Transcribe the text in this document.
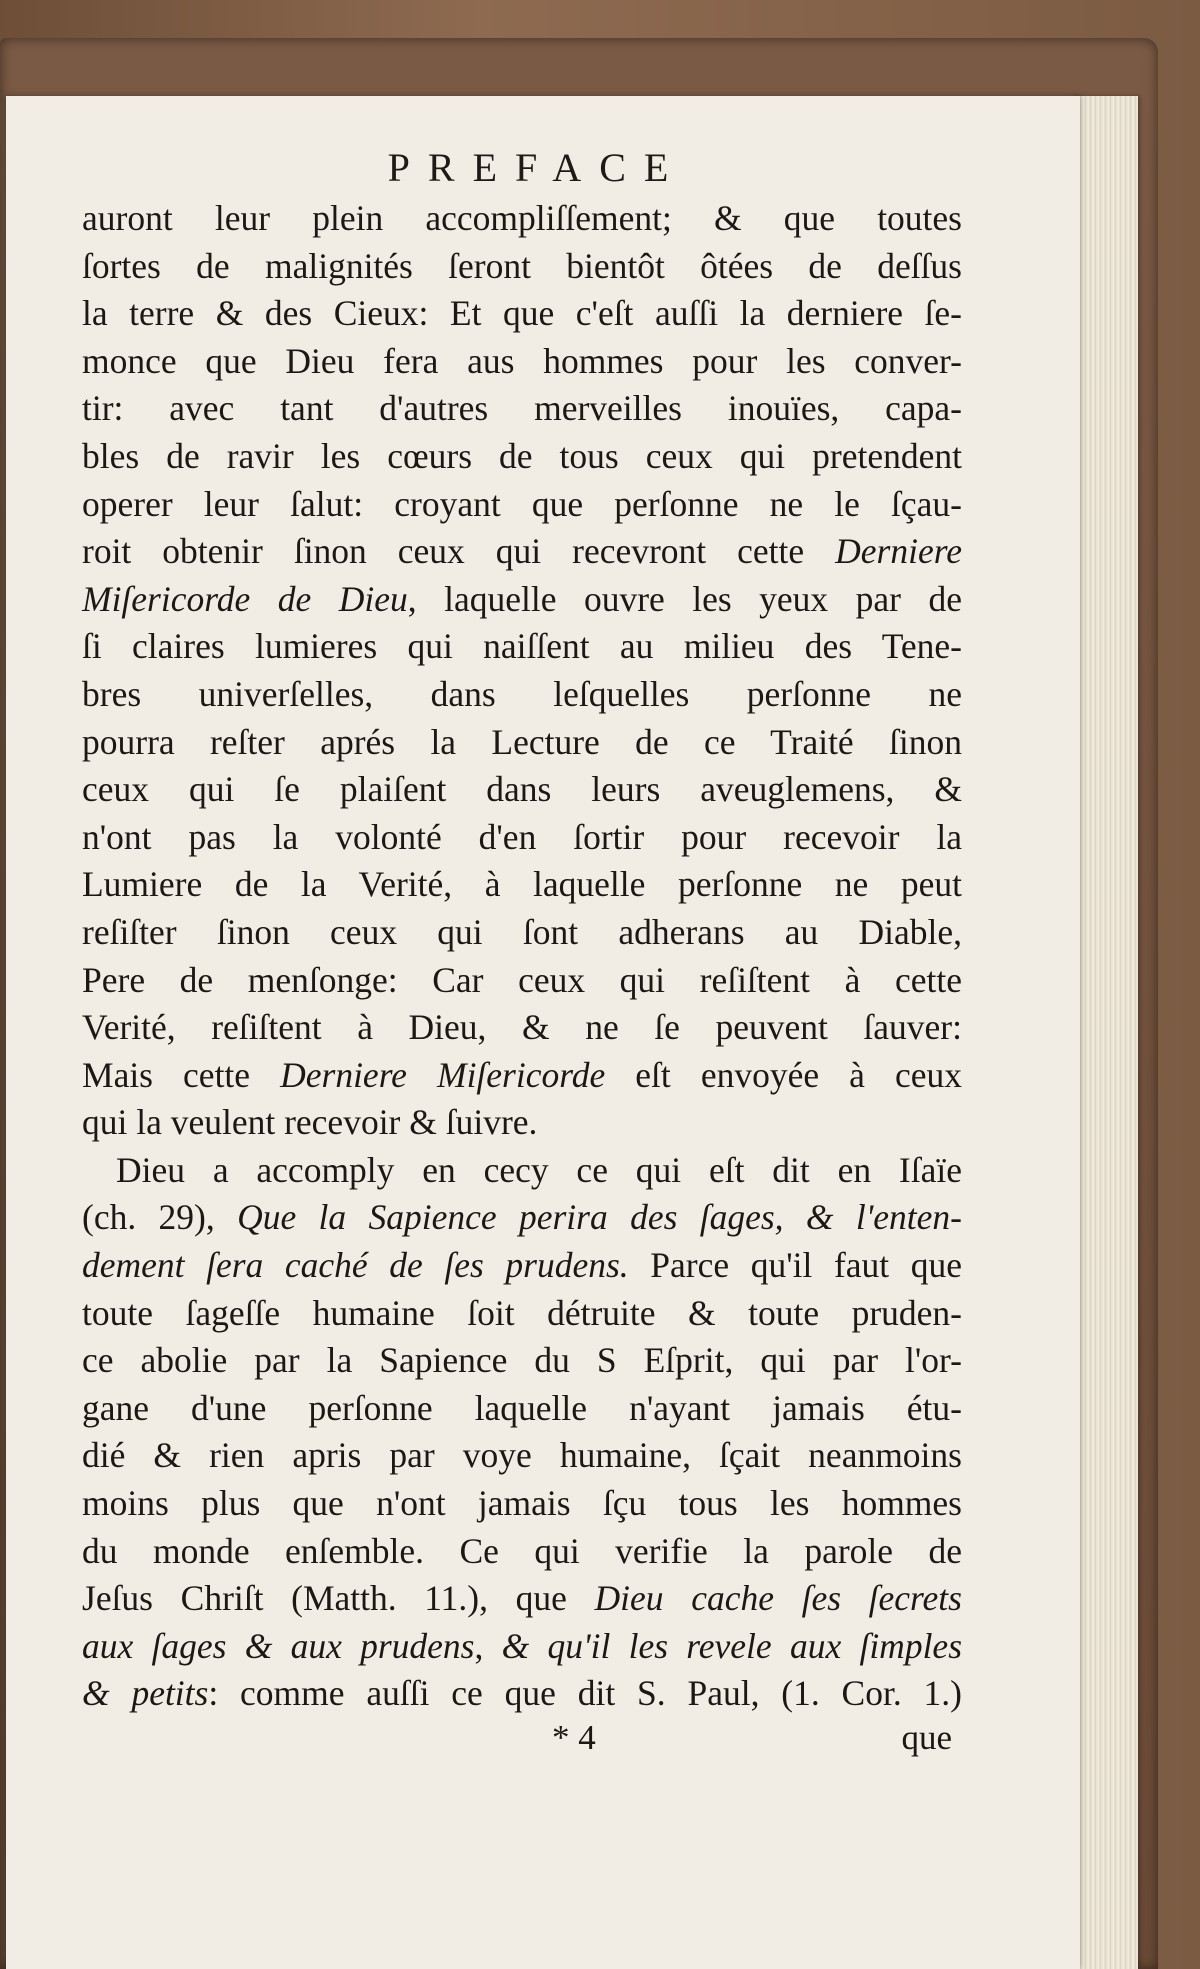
PREFACE
auront leur plein accompliſſement; & que toutes
ſortes de malignités ſeront bientôt ôtées de deſſus
la terre & des Cieux: Et que c'eſt auſſi la derniere ſe-
monce que Dieu fera aus hommes pour les conver-
tir: avec tant d'autres merveilles inouïes, capa-
bles de ravir les cœurs de tous ceux qui pretendent
operer leur ſalut: croyant que perſonne ne le ſçau-
roit obtenir ſinon ceux qui recevront cette Derniere
Miſericorde de Dieu, laquelle ouvre les yeux par de
ſi claires lumieres qui naiſſent au milieu des Tene-
bres univerſelles, dans leſquelles perſonne ne
pourra reſter aprés la Lecture de ce Traité ſinon
ceux qui ſe plaiſent dans leurs aveuglemens, &
n'ont pas la volonté d'en ſortir pour recevoir la
Lumiere de la Verité, à laquelle perſonne ne peut
reſiſter ſinon ceux qui ſont adherans au Diable,
Pere de menſonge: Car ceux qui reſiſtent à cette
Verité, reſiſtent à Dieu, & ne ſe peuvent ſauver:
Mais cette Derniere Miſericorde eſt envoyée à ceux
qui la veulent recevoir & ſuivre.
Dieu a accomply en cecy ce qui eſt dit en Iſaïe
(ch. 29), Que la Sapience perira des ſages, & l'enten-
dement ſera caché de ſes prudens. Parce qu'il faut que
toute ſageſſe humaine ſoit détruite & toute pruden-
ce abolie par la Sapience du S Eſprit, qui par l'or-
gane d'une perſonne laquelle n'ayant jamais étu-
dié & rien apris par voye humaine, ſçait neanmoins
moins plus que n'ont jamais ſçu tous les hommes
du monde enſemble. Ce qui verifie la parole de
Jeſus Chriſt (Matth. 11.), que Dieu cache ſes ſecrets
aux ſages & aux prudens, & qu'il les revele aux ſimples
& petits: comme auſſi ce que dit S. Paul, (1. Cor. 1.)
* 4	que
